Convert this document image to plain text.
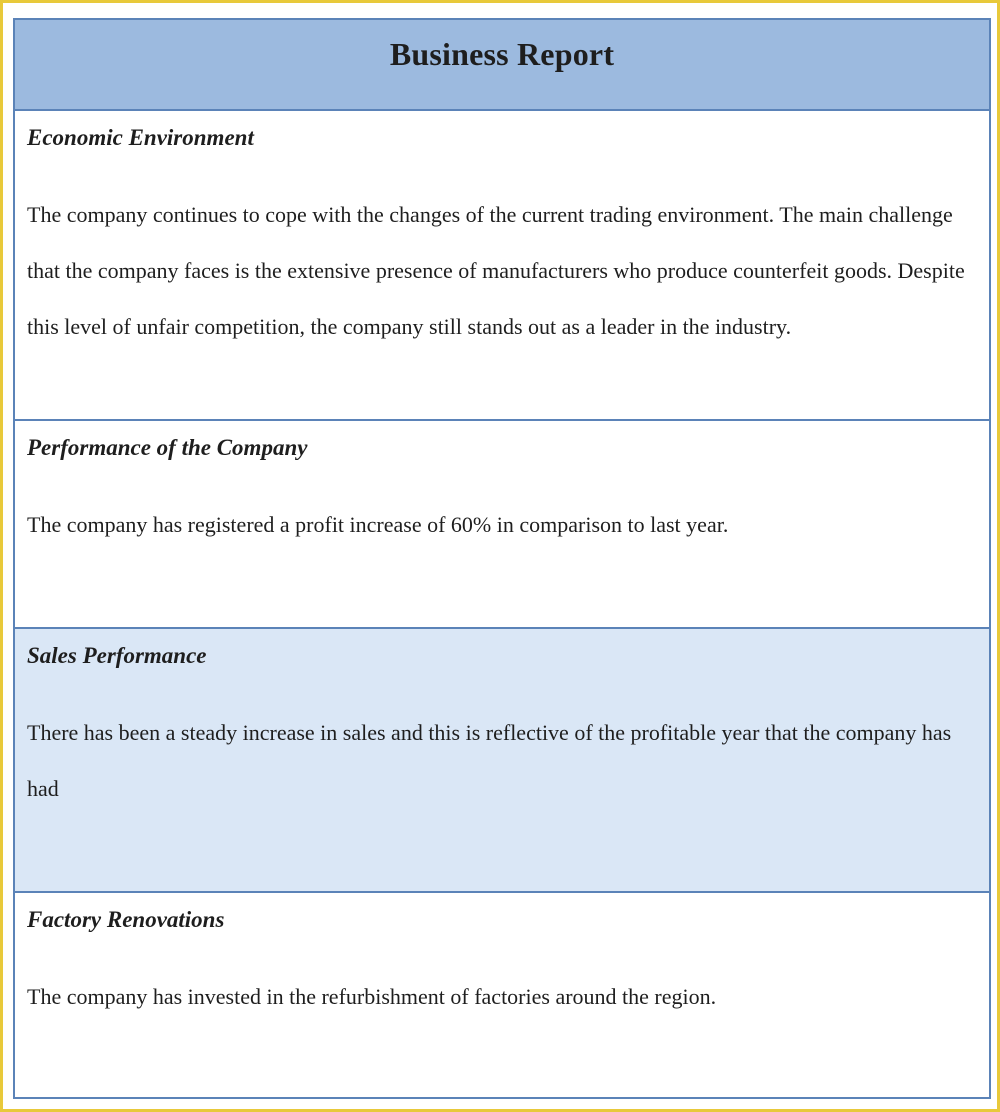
Business Report
Economic Environment
The company continues to cope with the changes of the current trading environment. The main challenge that the company faces is the extensive presence of manufacturers who produce counterfeit goods. Despite this level of unfair competition, the company still stands out as a leader in the industry.
Performance of the Company
The company has registered a profit increase of 60% in comparison to last year.
Sales Performance
There has been a steady increase in sales and this is reflective of the profitable year that the company has had
Factory Renovations
The company has invested in the refurbishment of factories around the region.
